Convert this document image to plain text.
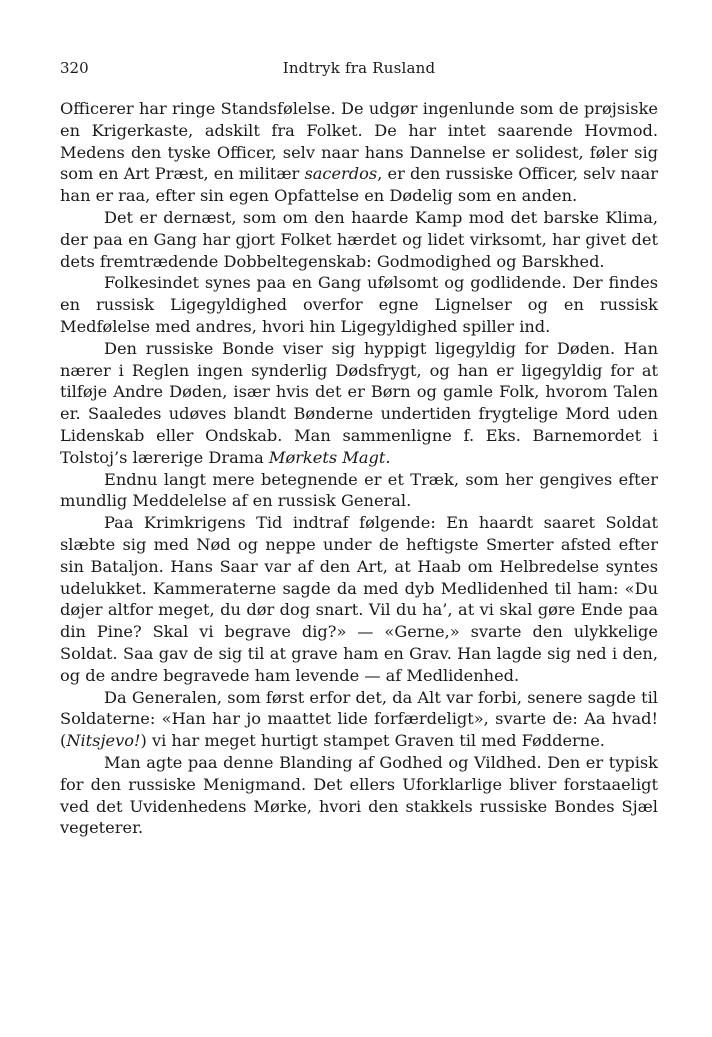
320	Indtryk fra Rusland

Officerer har ringe Standsfølelse. De udgør ingenlunde som de prøjsiske en Krigerkaste, adskilt fra Folket. De har intet saarende Hovmod. Medens den tyske Officer, selv naar hans Dannelse er solidest, føler sig som en Art Præst, en militær sacerdos, er den russiske Officer, selv naar han er raa, efter sin egen Opfattelse en Dødelig som en anden.

Det er dernæst, som om den haarde Kamp mod det barske Klima, der paa en Gang har gjort Folket hærdet og lidet virksomt, har givet det dets fremtrædende Dobbeltegenskab: Godmodighed og Barskhed.

Folkesindet synes paa en Gang ufølsomt og godlidende. Der findes en russisk Ligegyldighed overfor egne Lignelser og en russisk Medfølelse med andres, hvori hin Ligegyldighed spiller ind.

Den russiske Bonde viser sig hyppigt ligegyldig for Døden. Han nærer i Reglen ingen synderlig Dødsfrygt, og han er ligegyldig for at tilføje Andre Døden, især hvis det er Børn og gamle Folk, hvorom Talen er. Saaledes udøves blandt Bønderne undertiden frygtelige Mord uden Lidenskab eller Ondskab. Man sammenligne f. Eks. Barnemordet i Tolstoj’s lærerige Drama Mørkets Magt.

Endnu langt mere betegnende er et Træk, som her gengives efter mundlig Meddelelse af en russisk General.

Paa Krimkrigens Tid indtraf følgende: En haardt saaret Soldat slæbte sig med Nød og neppe under de heftigste Smerter afsted efter sin Bataljon. Hans Saar var af den Art, at Haab om Helbredelse syntes udelukket. Kammeraterne sagde da med dyb Medlidenhed til ham: «Du døjer altfor meget, du dør dog snart. Vil du ha’, at vi skal gøre Ende paa din Pine? Skal vi begrave dig?» — «Gerne,» svarte den ulykkelige Soldat. Saa gav de sig til at grave ham en Grav. Han lagde sig ned i den, og de andre begravede ham levende — af Medlidenhed.

Da Generalen, som først erfor det, da Alt var forbi, senere sagde til Soldaterne: «Han har jo maattet lide forfærdeligt», svarte de: Aa hvad! (Nitsjevo!) vi har meget hurtigt stampet Graven til med Fødderne.

Man agte paa denne Blanding af Godhed og Vildhed. Den er typisk for den russiske Menigmand. Det ellers Uforklarlige bliver forstaaeligt ved det Uvidenhedens Mørke, hvori den stakkels russiske Bondes Sjæl vegeterer.
